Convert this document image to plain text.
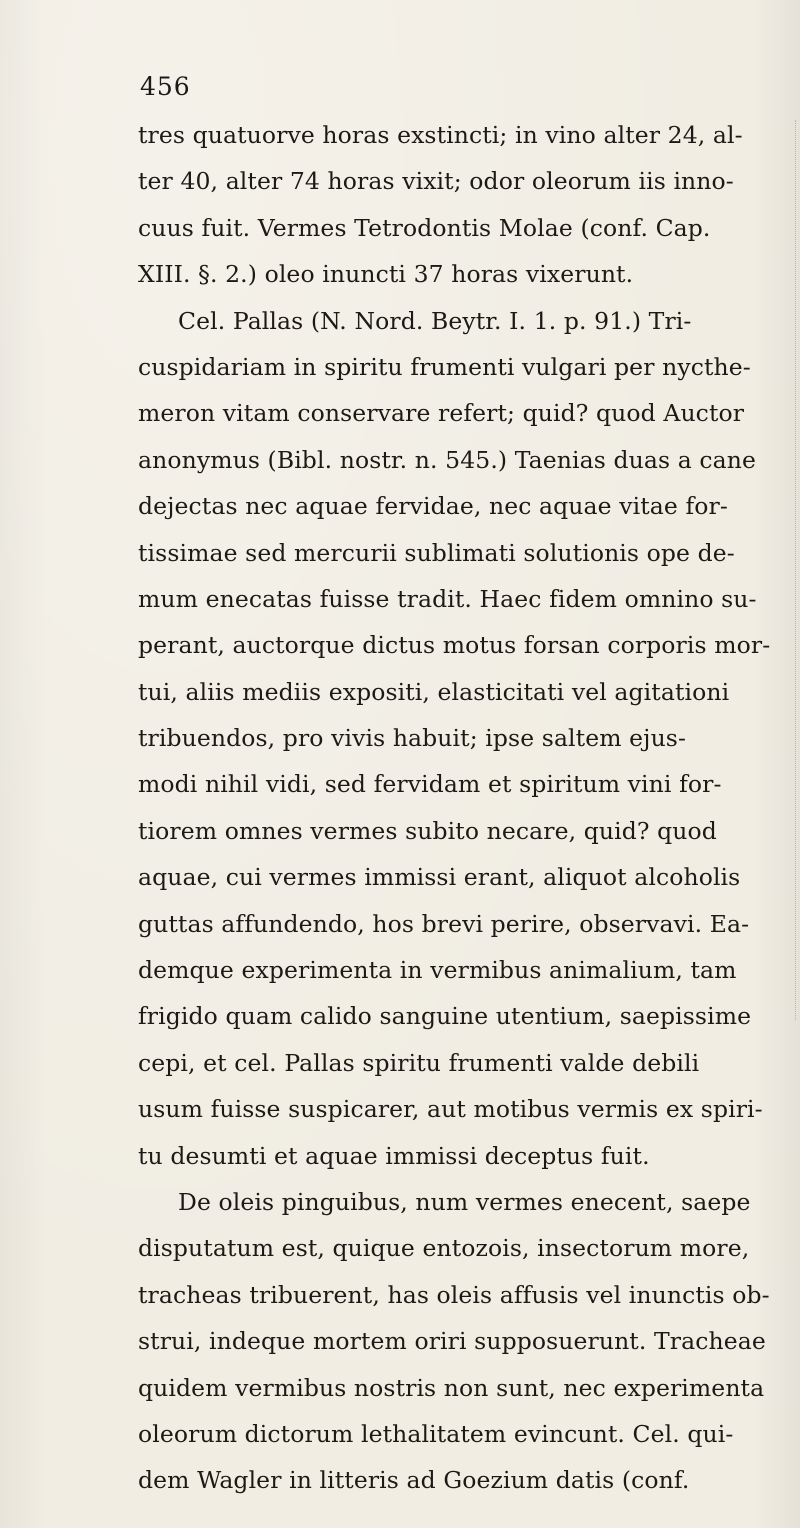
456
tres quatuorve horas exstincti; in vino alter 24, al-
ter 40, alter 74 horas vixit; odor oleorum iis inno-
cuus fuit. Vermes Tetrodontis Molae (conf. Cap.
XIII. §. 2.) oleo inuncti 37 horas vixerunt.
Cel. Pallas (N. Nord. Beytr. I. 1. p. 91.) Tri-
cuspidariam in spiritu frumenti vulgari per nycthe-
meron vitam conservare refert; quid? quod Auctor
anonymus (Bibl. nostr. n. 545.) Taenias duas a cane
dejectas nec aquae fervidae, nec aquae vitae for-
tissimae sed mercurii sublimati solutionis ope de-
mum enecatas fuisse tradit. Haec fidem omnino su-
perant, auctorque dictus motus forsan corporis mor-
tui, aliis mediis expositi, elasticitati vel agitationi
tribuendos, pro vivis habuit; ipse saltem ejus-
modi nihil vidi, sed fervidam et spiritum vini for-
tiorem omnes vermes subito necare, quid? quod
aquae, cui vermes immissi erant, aliquot alcoholis
guttas affundendo, hos brevi perire, observavi. Ea-
demque experimenta in vermibus animalium, tam
frigido quam calido sanguine utentium, saepissime
cepi, et cel. Pallas spiritu frumenti valde debili
usum fuisse suspicarer, aut motibus vermis ex spiri-
tu desumti et aquae immissi deceptus fuit.
De oleis pinguibus, num vermes enecent, saepe
disputatum est, quique entozois, insectorum more,
tracheas tribuerent, has oleis affusis vel inunctis ob-
strui, indeque mortem oriri supposuerunt. Tracheae
quidem vermibus nostris non sunt, nec experimenta
oleorum dictorum lethalitatem evincunt. Cel. qui-
dem Wagler in litteris ad Goezium datis (conf.
